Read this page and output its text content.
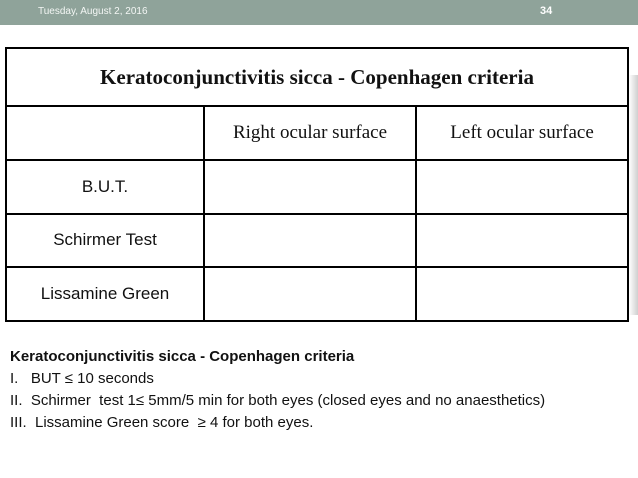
Tuesday, August 2, 2016	34
Keratoconjunctivitis sicca - Copenhagen criteria		
	Right ocular surface	Left ocular surface
B.U.T.		
Schirmer Test		
Lissamine Green		
Keratoconjunctivitis sicca - Copenhagen criteria
I.   BUT ≤ 10 seconds
II.  Schirmer  test 1≤ 5mm/5 min for both eyes (closed eyes and no anaesthetics)
III.  Lissamine Green score  ≥ 4 for both eyes.
